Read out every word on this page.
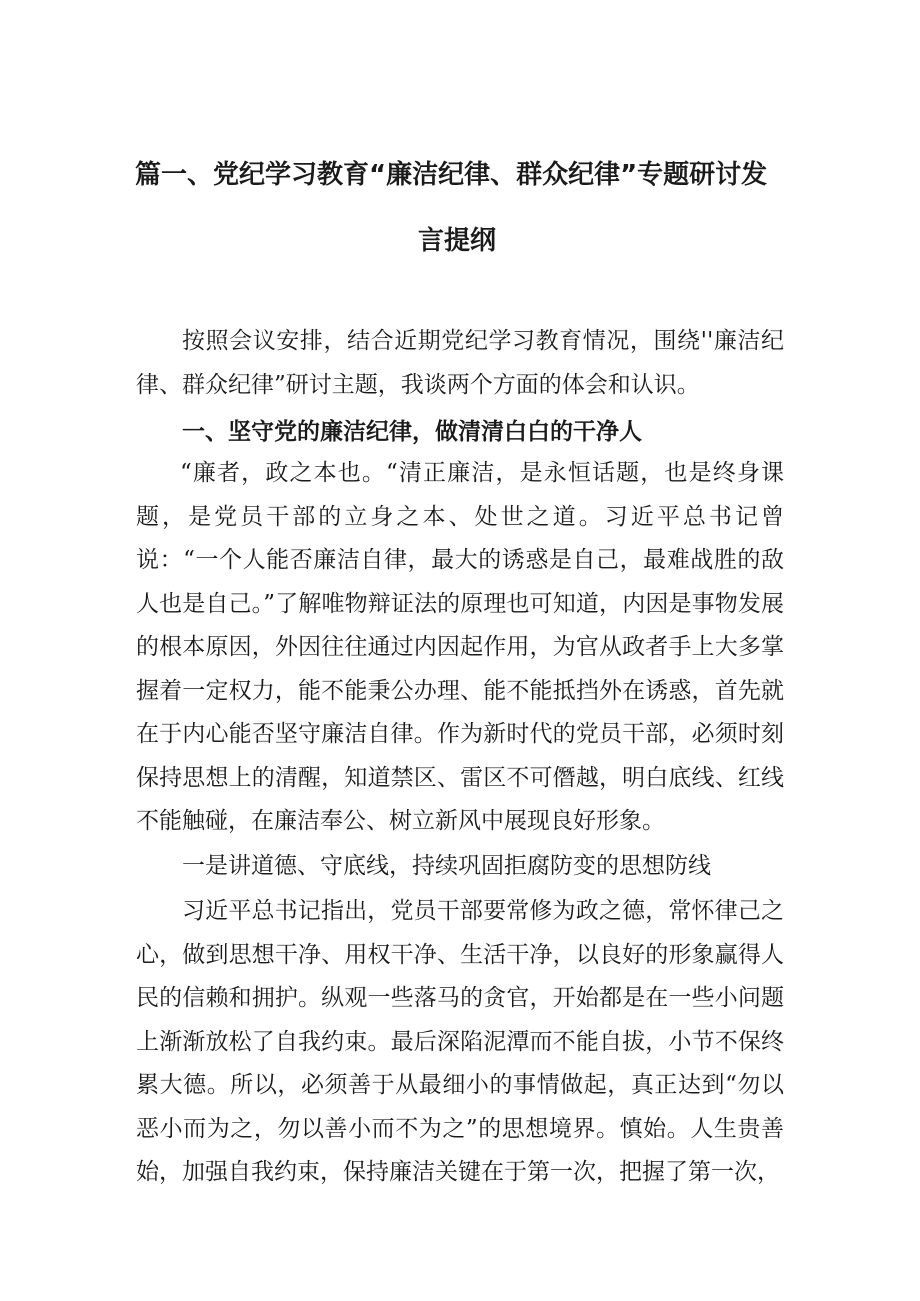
篇一、党纪学习教育“廉洁纪律、群众纪律”专题研讨发
言提纲

按照会议安排，结合近期党纪学习教育情况，围绕''廉洁纪律、群众纪律”研讨主题，我谈两个方面的体会和认识。

一、坚守党的廉洁纪律，做清清白白的干净人

“廉者，政之本也。“清正廉洁，是永恒话题，也是终身课题，是党员干部的立身之本、处世之道。习近平总书记曾说：“一个人能否廉洁自律，最大的诱惑是自己，最难战胜的敌人也是自己。”了解唯物辩证法的原理也可知道，内因是事物发展的根本原因，外因往往通过内因起作用，为官从政者手上大多掌握着一定权力，能不能秉公办理、能不能抵挡外在诱惑，首先就在于内心能否坚守廉洁自律。作为新时代的党员干部，必须时刻保持思想上的清醒，知道禁区、雷区不可僭越，明白底线、红线不能触碰，在廉洁奉公、树立新风中展现良好形象。

一是讲道德、守底线，持续巩固拒腐防变的思想防线

习近平总书记指出，党员干部要常修为政之德，常怀律己之心，做到思想干净、用权干净、生活干净，以良好的形象赢得人民的信赖和拥护。纵观一些落马的贪官，开始都是在一些小问题上渐渐放松了自我约束。最后深陷泥潭而不能自拔，小节不保终累大德。所以，必须善于从最细小的事情做起，真正达到“勿以恶小而为之，勿以善小而不为之”的思想境界。慎始。人生贵善始，加强自我约束，保持廉洁关键在于第一次，把握了第一次，
